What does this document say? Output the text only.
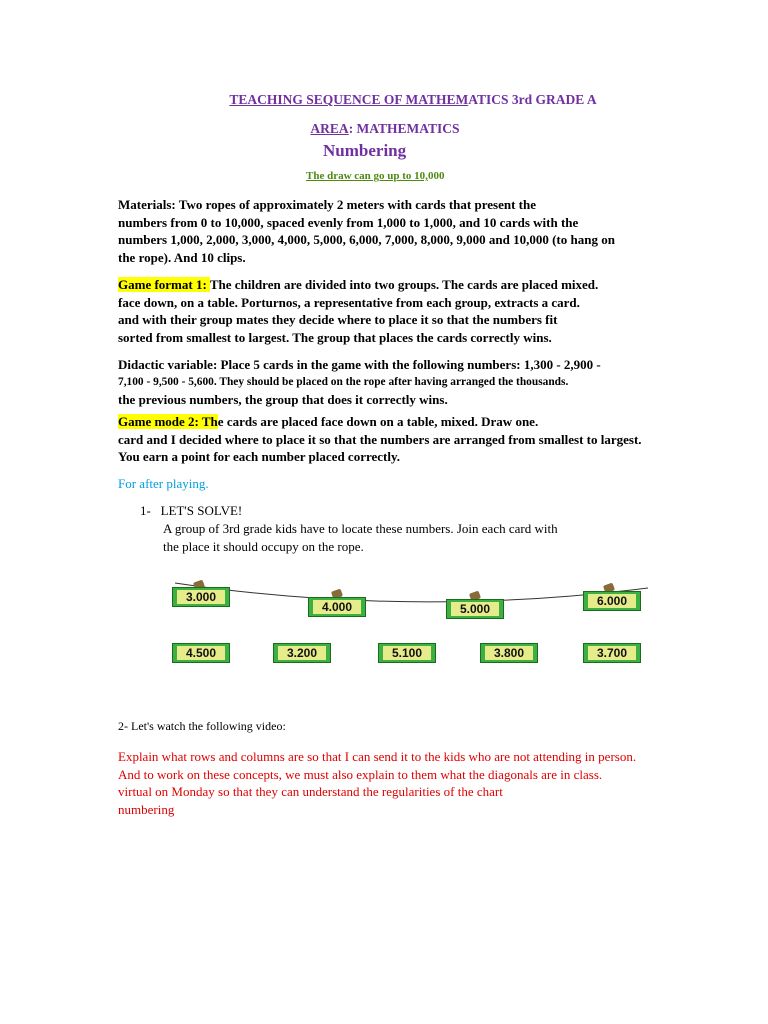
TEACHING SEQUENCE OF MATHEMATICS 3rd GRADE A
AREA: MATHEMATICS
Numbering
The draw can go up to 10,000
Materials: Two ropes of approximately 2 meters with cards that present the
numbers from 0 to 10,000, spaced evenly from 1,000 to 1,000, and 10 cards with the
numbers 1,000, 2,000, 3,000, 4,000, 5,000, 6,000, 7,000, 8,000, 9,000 and 10,000 (to hang on
the rope). And 10 clips.
Game format 1: The children are divided into two groups. The cards are placed mixed.
face down, on a table. Porturnos, a representative from each group, extracts a card.
and with their group mates they decide where to place it so that the numbers fit
sorted from smallest to largest. The group that places the cards correctly wins.
Didactic variable: Place 5 cards in the game with the following numbers: 1,300 - 2,900 -
7,100 - 9,500 - 5,600. They should be placed on the rope after having arranged the thousands.
the previous numbers, the group that does it correctly wins.
Game mode 2: The cards are placed face down on a table, mixed. Draw one.
card and I decided where to place it so that the numbers are arranged from smallest to largest.
You earn a point for each number placed correctly.
For after playing.
1- LET'S SOLVE!
A group of 3rd grade kids have to locate these numbers. Join each card with
the place it should occupy on the rope.
3.000
4.000	5.000
6.000
4.500	3.200	5.100	3.800	3.700
2- Let's watch the following video:
Explain what rows and columns are so that I can send it to the kids who are not attending in person.
And to work on these concepts, we must also explain to them what the diagonals are in class.
virtual on Monday so that they can understand the regularities of the chart
numbering
